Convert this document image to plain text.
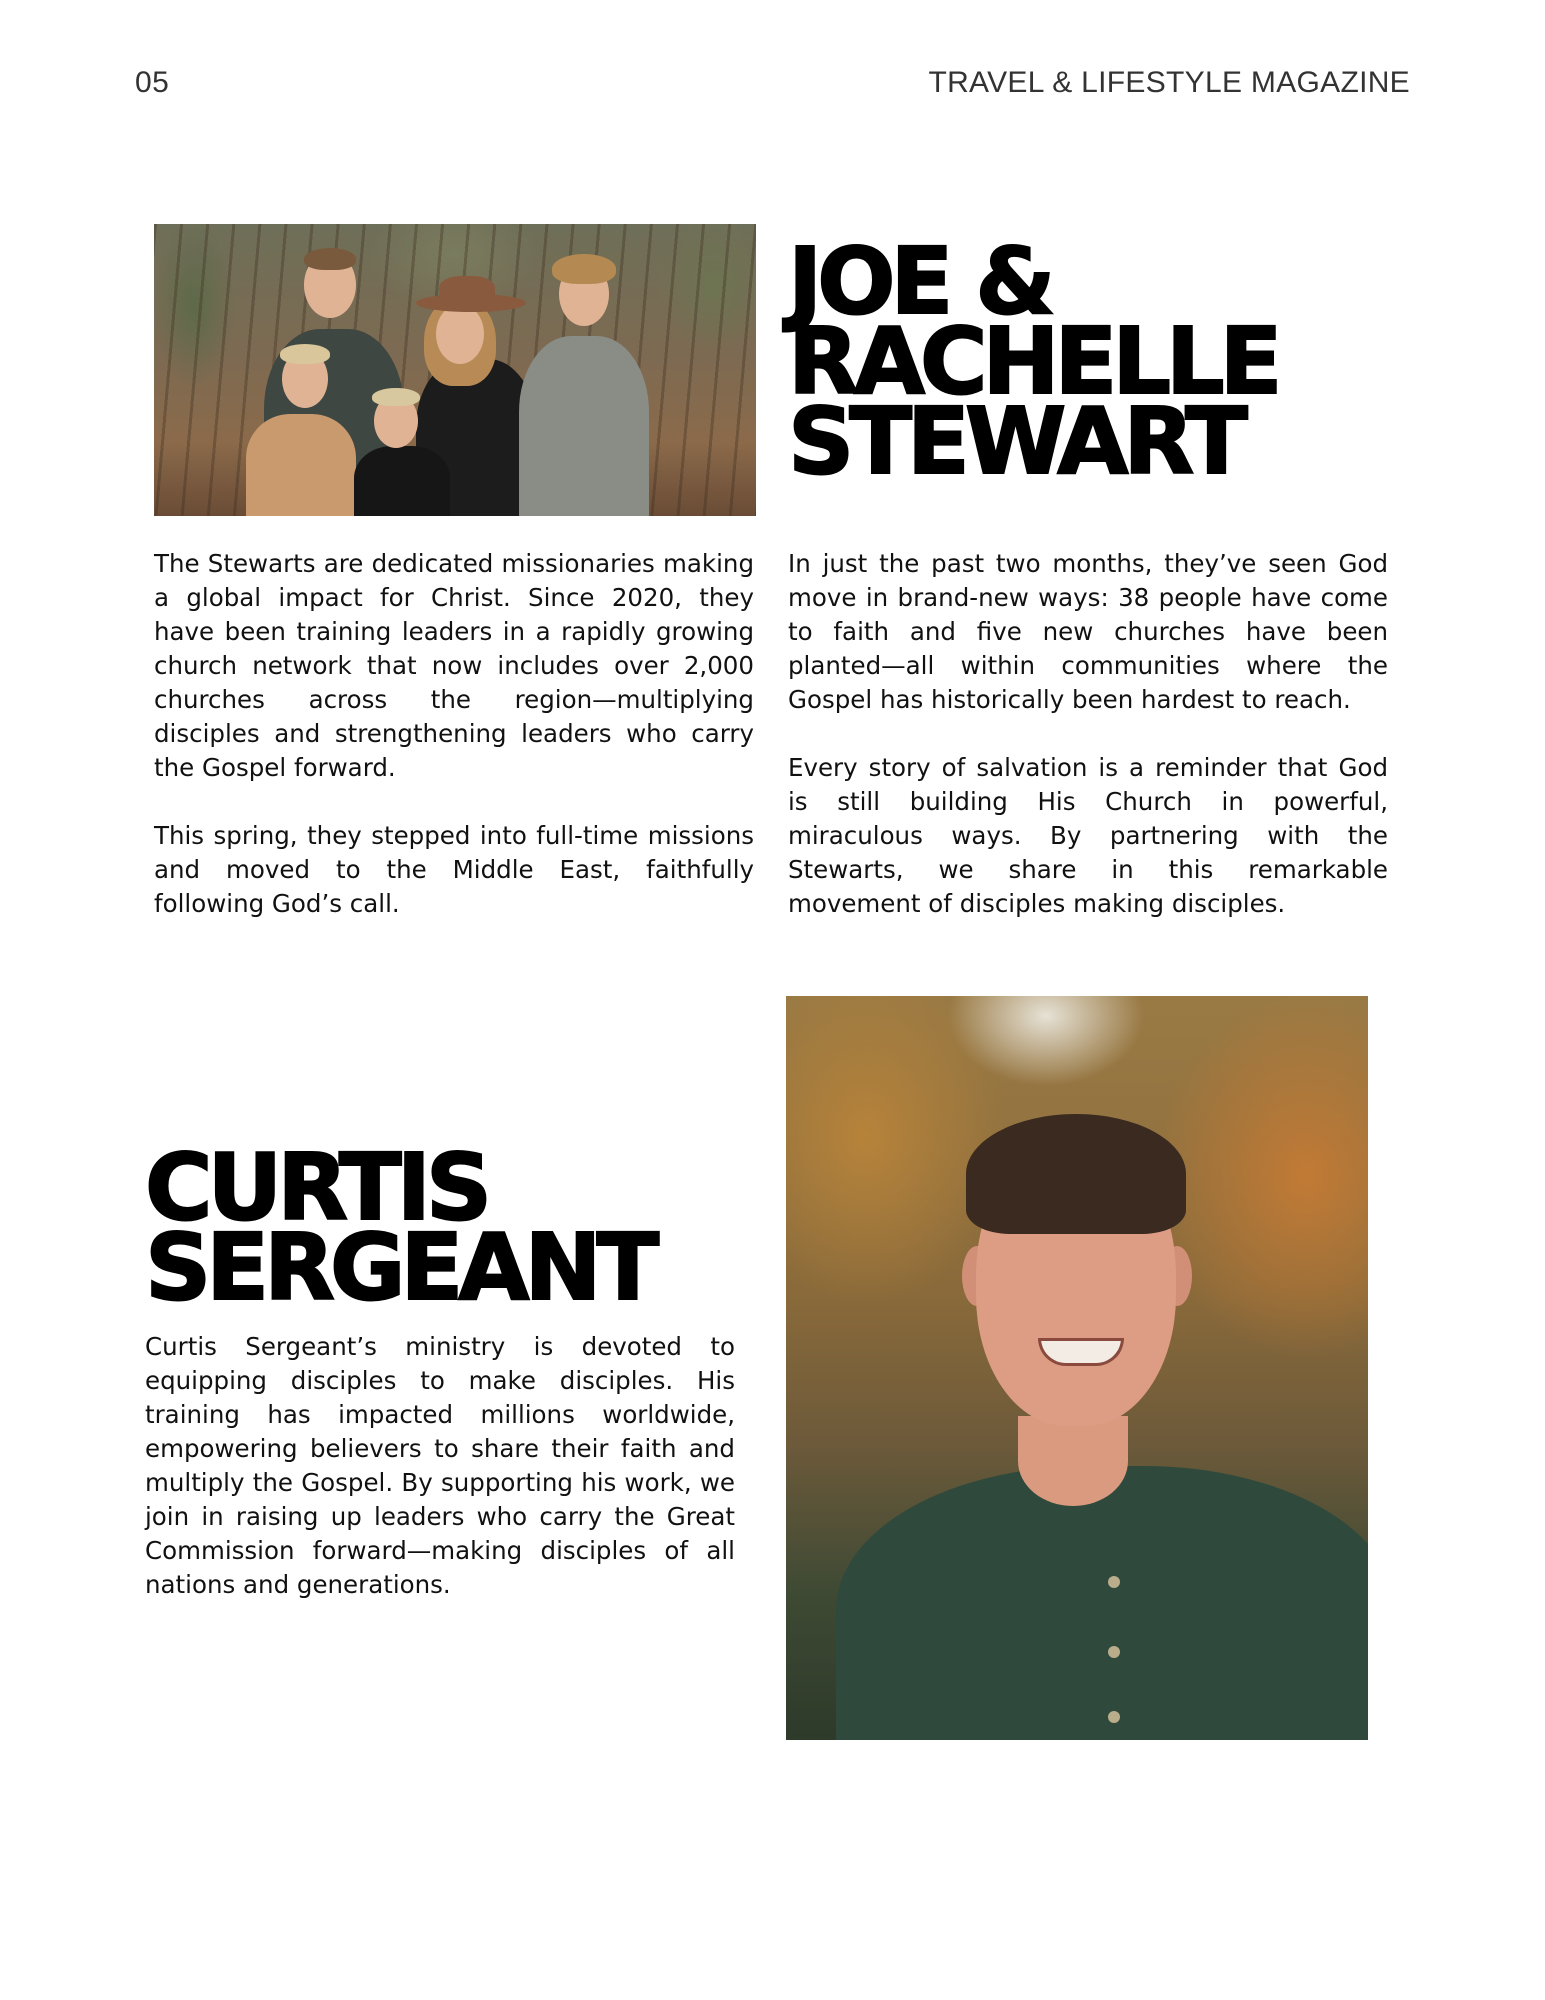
05	TRAVEL & LIFESTYLE MAGAZINE
JOE &
RACHELLE
STEWART

The Stewarts are dedicated missionaries making a global impact for Christ. Since 2020, they have been training leaders in a rapidly growing church network that now includes over 2,000 churches across the region—multiplying disciples and strengthening leaders who carry the Gospel forward.

This spring, they stepped into full-time missions and moved to the Middle East, faithfully following God’s call.

In just the past two months, they’ve seen God move in brand-new ways: 38 people have come to faith and five new churches have been planted—all within communities where the Gospel has historically been hardest to reach.

Every story of salvation is a reminder that God is still building His Church in powerful, miraculous ways. By partnering with the Stewarts, we share in this remarkable movement of disciples making disciples.

CURTIS
SERGEANT

Curtis Sergeant’s ministry is devoted to equipping disciples to make disciples. His training has impacted millions worldwide, empowering believers to share their faith and multiply the Gospel. By supporting his work, we join in raising up leaders who carry the Great Commission forward—making disciples of all nations and generations.
